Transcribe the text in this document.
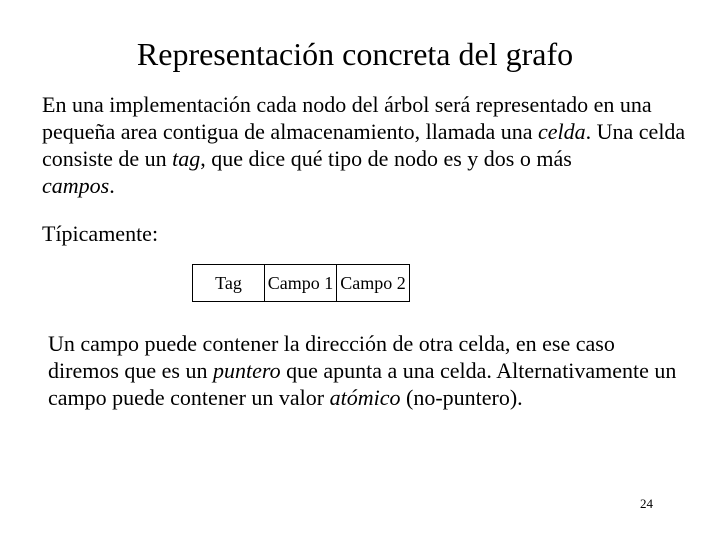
Representación concreta del grafo

En una implementación cada nodo del árbol será representado en una pequeña area contigua de almacenamiento, llamada una celda. Una celda consiste de un tag, que dice qué tipo de nodo es y dos o más
campos.

Típicamente:

Tag	Campo 1 Campo 2

Un campo puede contener la dirección de otra celda, en ese caso diremos que es un puntero que apunta a una celda. Alternativamente un campo puede contener un valor atómico (no-puntero).

24
